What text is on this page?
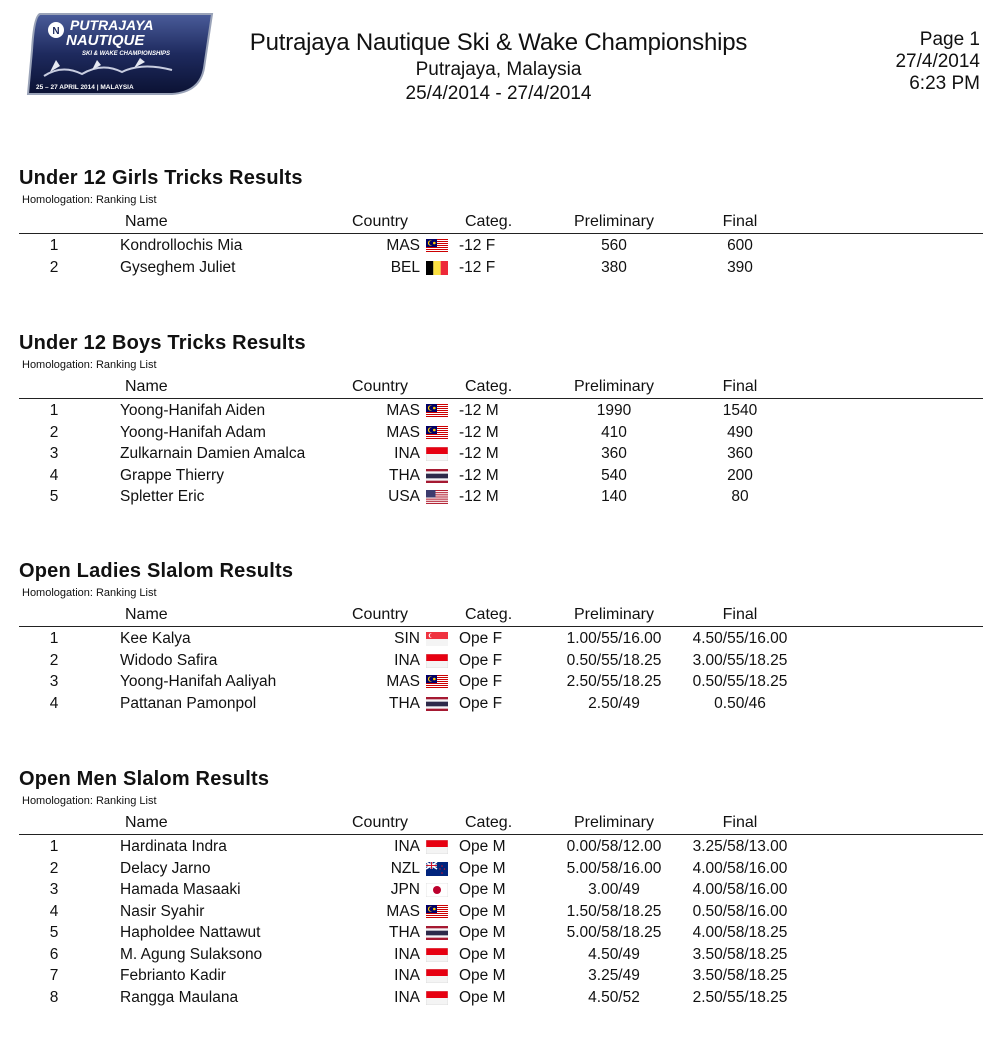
N PUTRAJAYA
NAUTIQUE
SKI & WAKE CHAMPIONSHIPS
25 – 27 APRIL 2014 | MALAYSIA
Putrajaya Nautique Ski & Wake Championships
Putrajaya, Malaysia
25/4/2014 - 27/4/2014
Page 1
27/4/2014
6:23 PM
Under 12 Girls Tricks Results
Homologation: Ranking List
Name	Country	Categ.	Preliminary	Final
1	Kondrollochis Mia	MAS	-12 F	560	600
2	Gyseghem Juliet	BEL	-12 F	380	390
Under 12 Boys Tricks Results
Homologation: Ranking List
Name	Country	Categ.	Preliminary	Final
1	Yoong-Hanifah Aiden	MAS	-12 M	1990	1540
2	Yoong-Hanifah Adam	MAS	-12 M	410	490
3	Zulkarnain Damien Amalca	INA	-12 M	360	360
4	Grappe Thierry	THA	-12 M	540	200
5	Spletter Eric	USA	-12 M	140	80
Open Ladies Slalom Results
Homologation: Ranking List
Name	Country	Categ.	Preliminary	Final
1	Kee Kalya	SIN	Ope F	1.00/55/16.00	4.50/55/16.00
2	Widodo Safira	INA	Ope F	0.50/55/18.25	3.00/55/18.25
3	Yoong-Hanifah Aaliyah	MAS	Ope F	2.50/55/18.25	0.50/55/18.25
4	Pattanan Pamonpol	THA	Ope F	2.50/49	0.50/46
Open Men Slalom Results
Homologation: Ranking List
Name	Country	Categ.	Preliminary	Final
1	Hardinata Indra	INA	Ope M	0.00/58/12.00	3.25/58/13.00
2	Delacy Jarno	NZL	Ope M	5.00/58/16.00	4.00/58/16.00
3	Hamada Masaaki	JPN	Ope M	3.00/49	4.00/58/16.00
4	Nasir Syahir	MAS	Ope M	1.50/58/18.25	0.50/58/16.00
5	Hapholdee Nattawut	THA	Ope M	5.00/58/18.25	4.00/58/18.25
6	M. Agung Sulaksono	INA	Ope M	4.50/49	3.50/58/18.25
7	Febrianto Kadir	INA	Ope M	3.25/49	3.50/58/18.25
8	Rangga Maulana	INA	Ope M	4.50/52	2.50/55/18.25
